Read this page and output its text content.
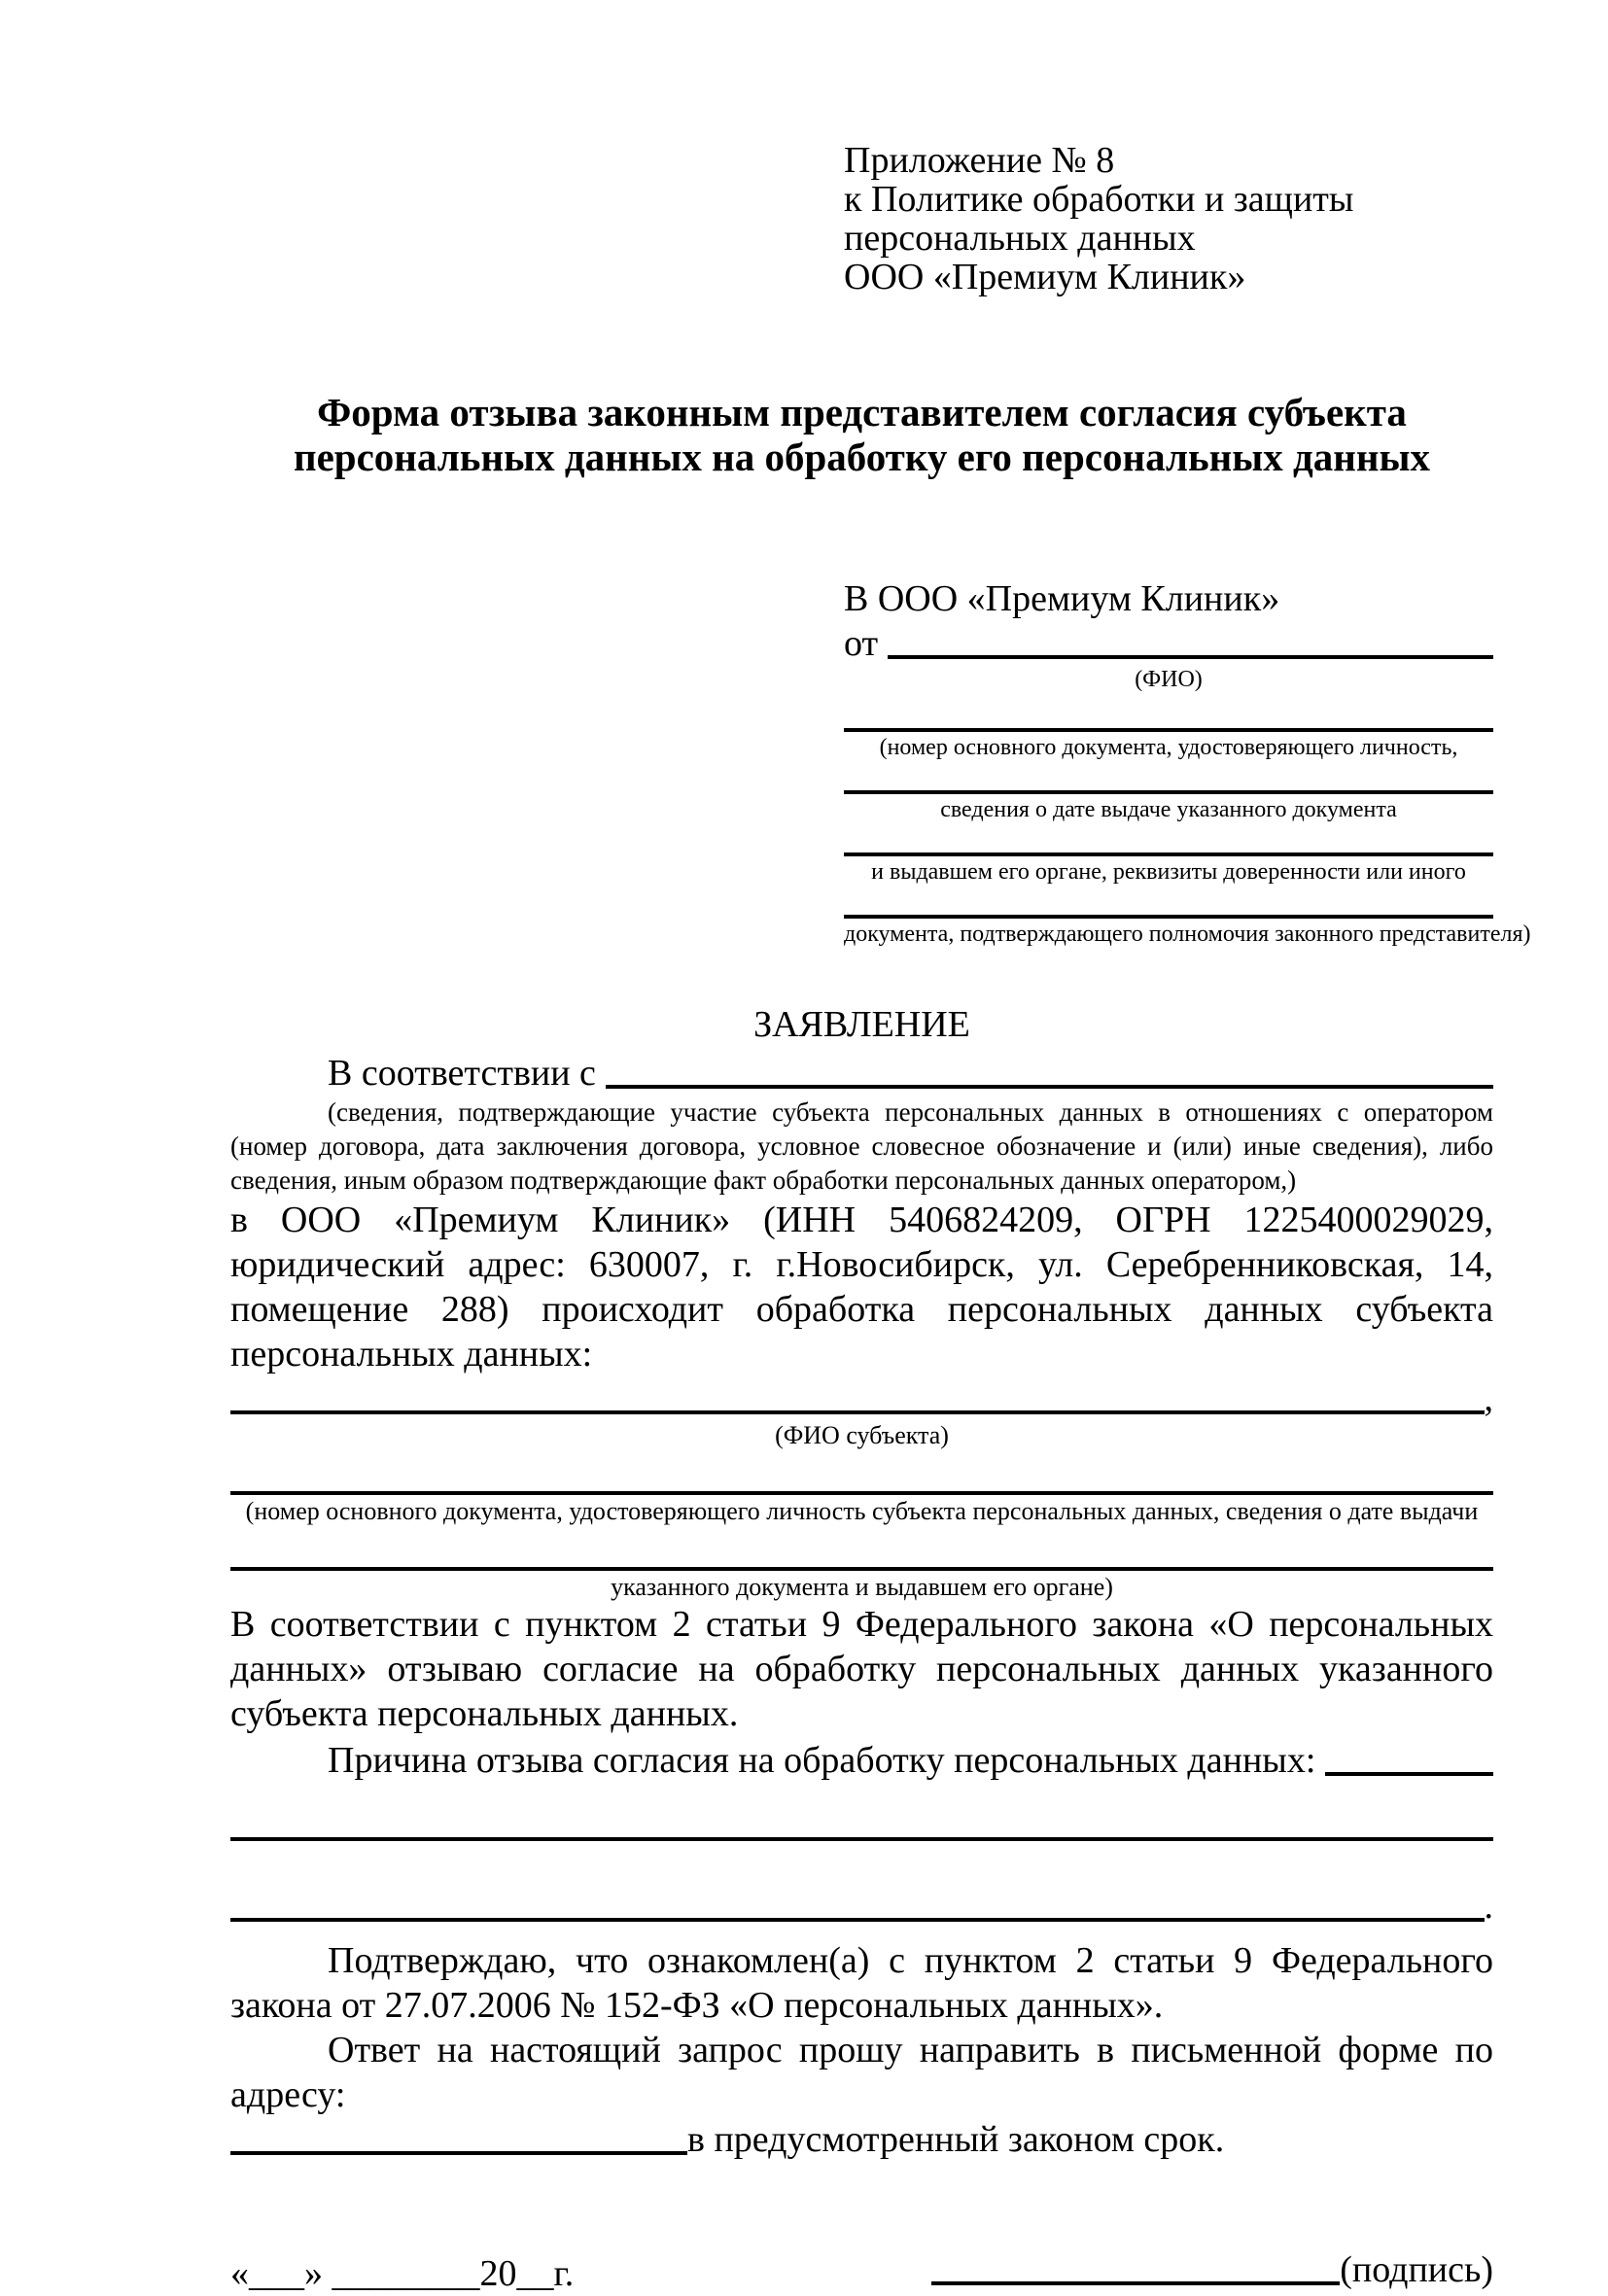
Приложение № 8
к Политике обработки и защиты
персональных данных
ООО «Премиум Клиник»
Форма отзыва законным представителем согласия субъекта
персональных данных на обработку его персональных данных
В ООО «Премиум Клиник»
от
(ФИО)
(номер основного документа, удостоверяющего личность,
сведения о дате выдаче указанного документа
и выдавшем его органе, реквизиты доверенности или иного
документа, подтверждающего полномочия законного представителя)
ЗАЯВЛЕНИЕ
В соответствии с
(сведения, подтверждающие участие субъекта персональных данных в отношениях с оператором (номер договора, дата заключения договора, условное словесное обозначение и (или) иные сведения), либо сведения, иным образом подтверждающие факт обработки персональных данных оператором,)

в ООО «Премиум Клиник» (ИНН 5406824209, ОГРН 1225400029029, юридический адрес: 630007, г. г.Новосибирск, ул. Серебренниковская, 14, помещение 288) происходит обработка персональных данных субъекта персональных данных:

,
(ФИО субъекта)
(номер основного документа, удостоверяющего личность субъекта персональных данных, сведения о дате выдачи
указанного документа и выдавшем его органе)

В соответствии с пунктом 2 статьи 9 Федерального закона «О персональных данных» отзываю согласие на обработку персональных данных указанного субъекта персональных данных.

Причина отзыва согласия на обработку персональных данных:
.

Подтверждаю, что ознакомлен(а) с пунктом 2 статьи 9 Федерального закона от 27.07.2006 № 152-ФЗ «О персональных данных».

Ответ на настоящий запрос прошу направить в письменной форме по адресу:

в предусмотренный законом срок.
«___» ________20__г.	(подпись)
